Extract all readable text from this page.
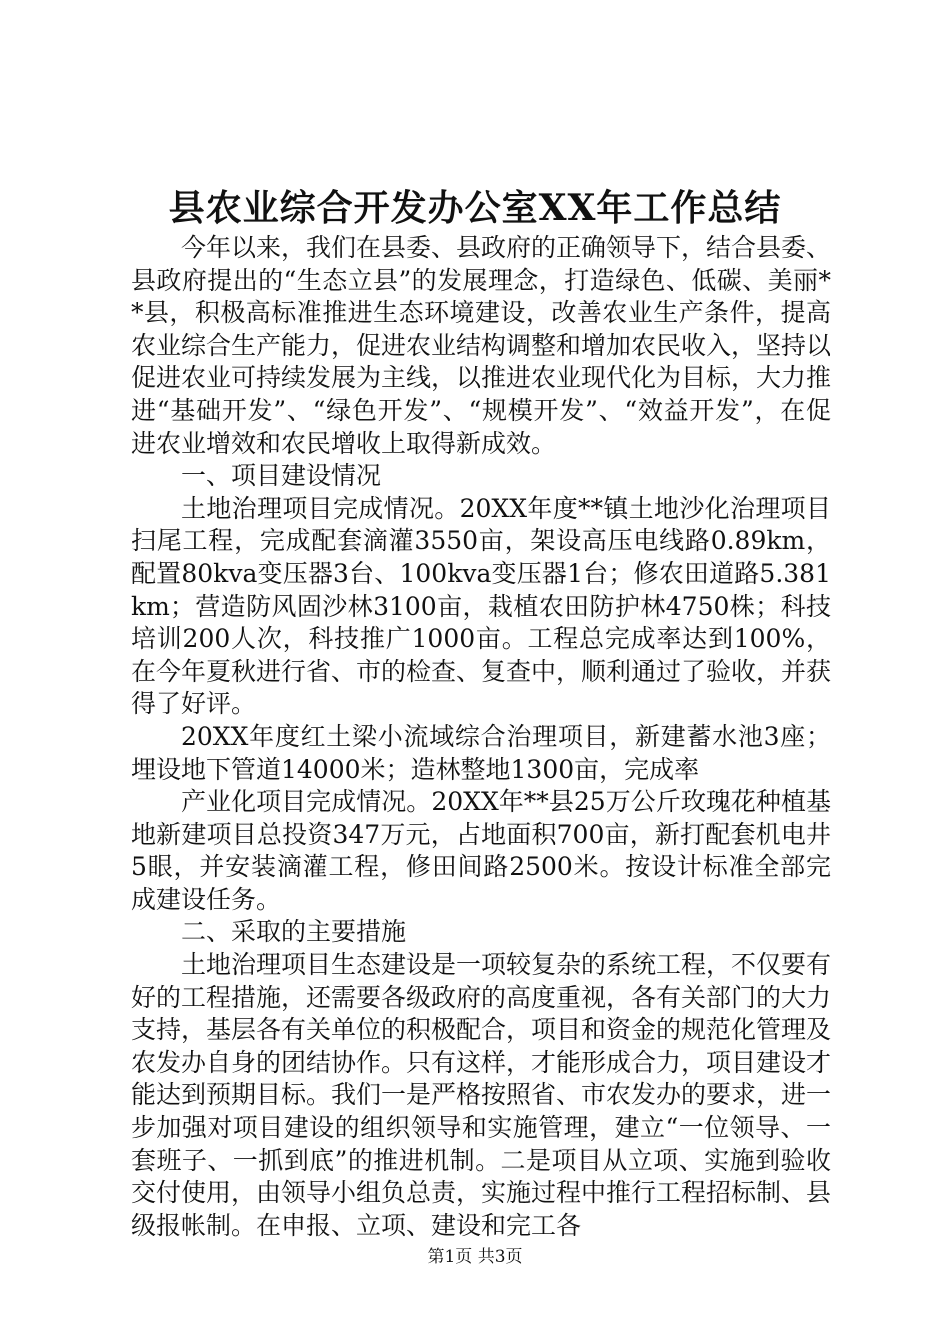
县农业综合开发办公室XX年工作总结

今年以来，我们在县委、县政府的正确领导下，结合县委、县政府提出的“生态立县”的发展理念，打造绿色、低碳、美丽**县，积极高标准推进生态环境建设，改善农业生产条件，提高农业综合生产能力，促进农业结构调整和增加农民收入，坚持以促进农业可持续发展为主线，以推进农业现代化为目标，大力推进“基础开发”、“绿色开发”、“规模开发”、“效益开发”，在促进农业增效和农民增收上取得新成效。

一、项目建设情况

土地治理项目完成情况。20XX年度**镇土地沙化治理项目扫尾工程，完成配套滴灌3550亩，架设高压电线路0.89km，配置80kva变压器3台、100kva变压器1台；修农田道路5.381km；营造防风固沙林3100亩，栽植农田防护林4750株；科技培训200人次，科技推广1000亩。工程总完成率达到100%，在今年夏秋进行省、市的检查、复查中，顺利通过了验收，并获得了好评。

20XX年度红土梁小流域综合治理项目，新建蓄水池3座；埋设地下管道14000米；造林整地1300亩，完成率

产业化项目完成情况。20XX年**县25万公斤玫瑰花种植基地新建项目总投资347万元，占地面积700亩，新打配套机电井5眼，并安装滴灌工程，修田间路2500米。按设计标准全部完成建设任务。

二、采取的主要措施

土地治理项目生态建设是一项较复杂的系统工程，不仅要有好的工程措施，还需要各级政府的高度重视，各有关部门的大力支持，基层各有关单位的积极配合，项目和资金的规范化管理及农发办自身的团结协作。只有这样，才能形成合力，项目建设才能达到预期目标。我们一是严格按照省、市农发办的要求，进一步加强对项目建设的组织领导和实施管理，建立“一位领导、一套班子、一抓到底”的推进机制。二是项目从立项、实施到验收交付使用，由领导小组负总责，实施过程中推行工程招标制、县级报帐制。在申报、立项、建设和完工各

第1页 共3页
